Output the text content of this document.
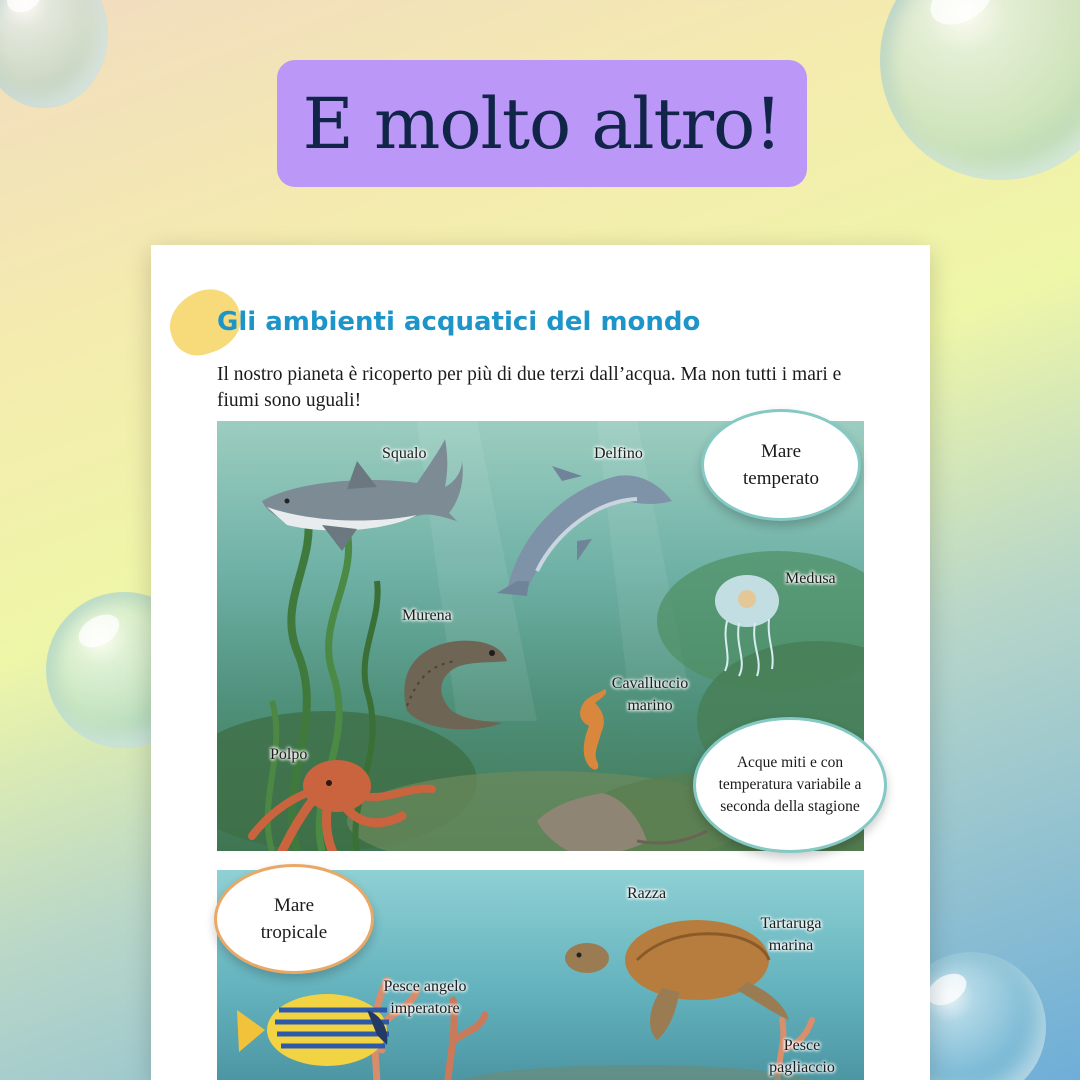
E molto altro!
Gli ambienti acquatici del mondo
Il nostro pianeta è ricoperto per più di due terzi dall’acqua. Ma non tutti i mari e fiumi sono uguali!
Squalo	Delfino
Medusa
Murena
Cavalluccio marino
Polpo
Razza
Tartaruga marina
Pesce angelo imperatore
Pesce pagliaccio
Mare temperato
Acque miti e con temperatura variabile a seconda della stagione
Mare tropicale
